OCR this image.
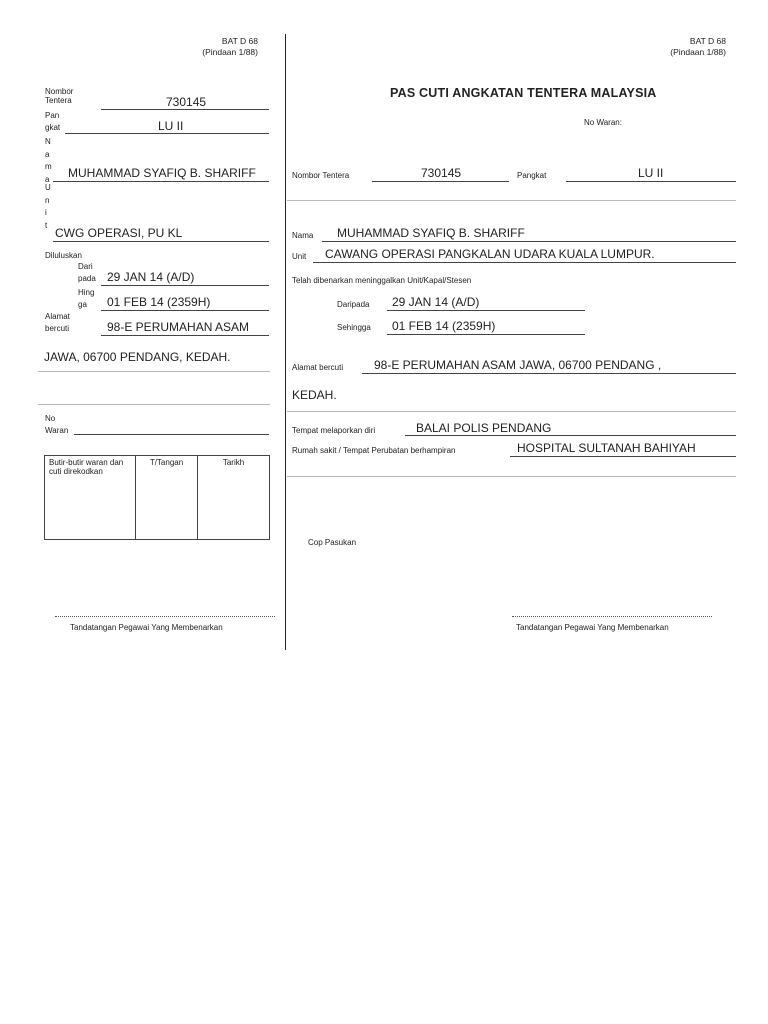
BAT D 68
(Pindaan 1/88)
Nombor Tentera	730145
Pan
gkat	LU II
N a m a MUHAMMAD SYAFIQ B. SHARIFF
U n i t
CWG OPERASI, PU KL
Diluluskan
Dari
pada 29 JAN 14 (A/D)
Hing
ga 01 FEB 14 (2359H)
Alamat
bercuti	98-E PERUMAHAN ASAM
JAWA, 06700 PENDANG, KEDAH.
No
Waran
Butir-butir waran dan cuti direkodkan	T/Tangan	Tarikh
Tandatangan Pegawai Yang Membenarkan
BAT D 68
(Pindaan 1/88)
PAS CUTI ANGKATAN TENTERA MALAYSIA
No Waran:
Nombor Tentera	730145	Pangkat	LU II
Nama MUHAMMAD SYAFIQ B. SHARIFF
Unit CAWANG OPERASI PANGKALAN UDARA KUALA LUMPUR.
Telah dibenarkan meninggalkan Unit/Kapal/Stesen
Daripada 29 JAN 14 (A/D)
Sehingga 01 FEB 14 (2359H)
Alamat bercuti	98-E PERUMAHAN ASAM JAWA, 06700 PENDANG ,
KEDAH.
Tempat melaporkan diri	BALAI POLIS PENDANG
Rumah sakit / Tempat Perubatan berhampiran	HOSPITAL SULTANAH BAHIYAH
Cop Pasukan
Tandatangan Pegawai Yang Membenarkan
